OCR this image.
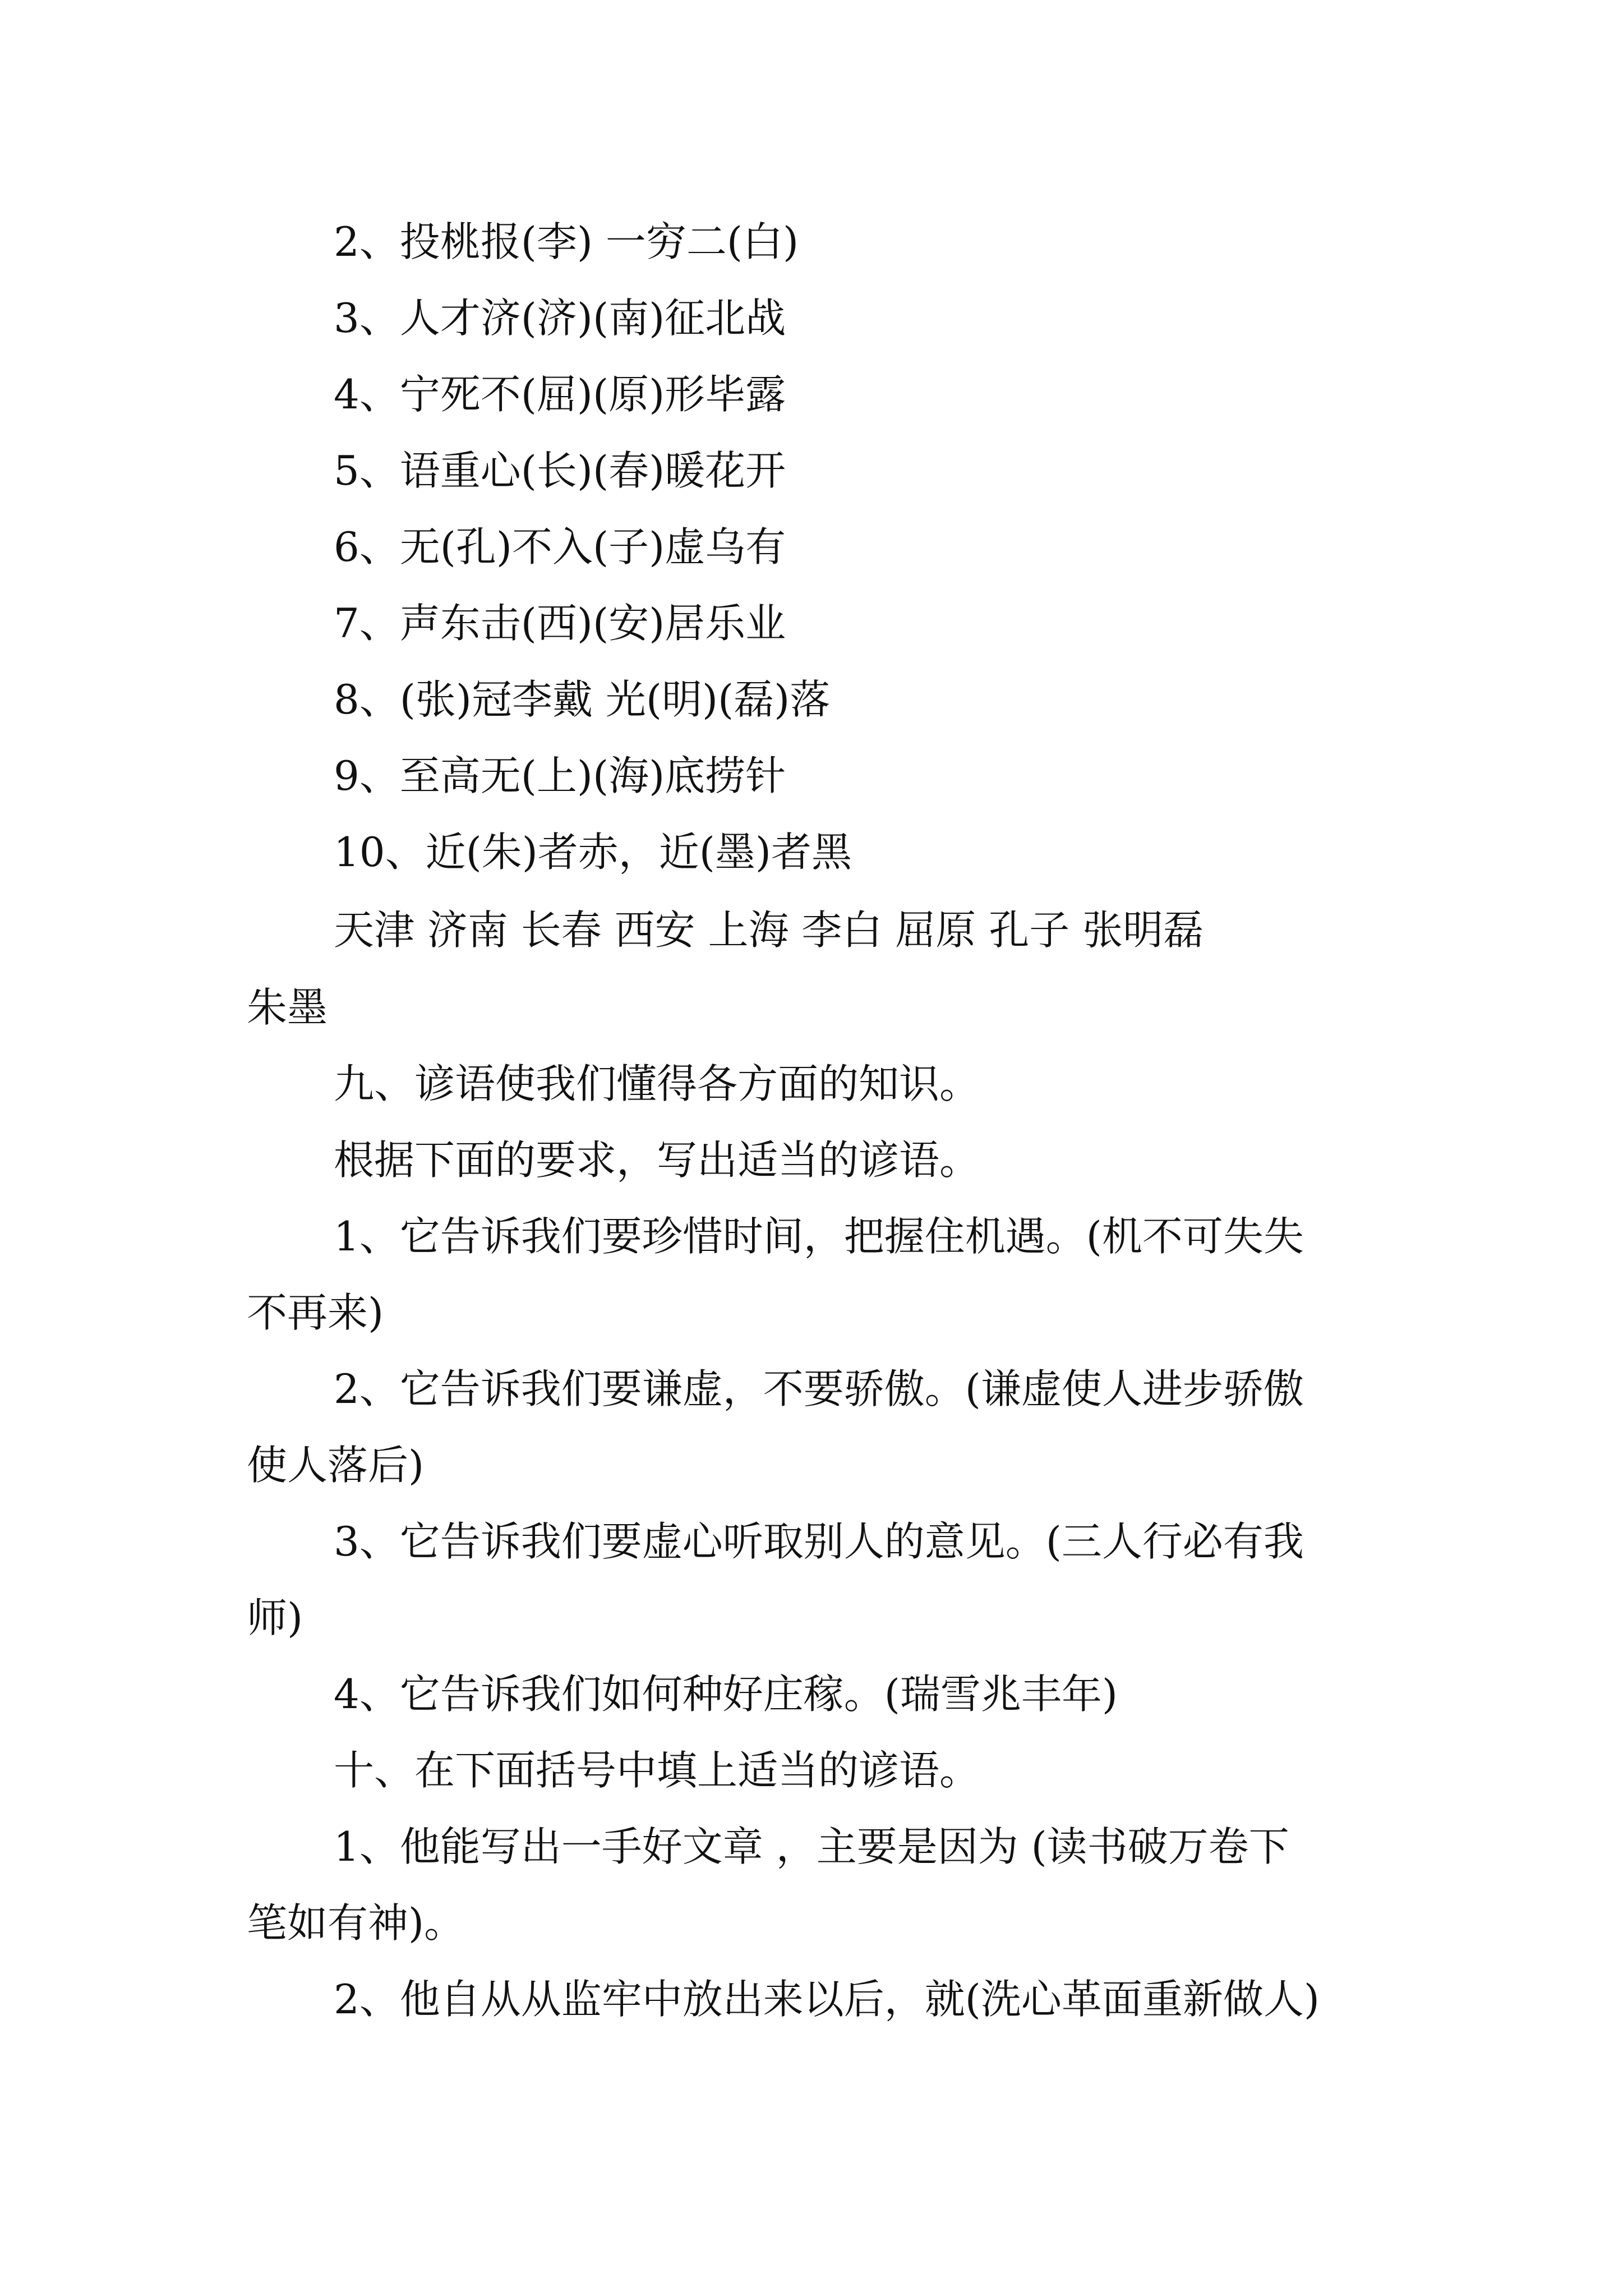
2、投桃报(李) 一穷二(白)
3、人才济(济)(南)征北战
4、宁死不(屈)(原)形毕露
5、语重心(长)(春)暖花开
6、无(孔)不入(子)虚乌有
7、声东击(西)(安)居乐业
8、(张)冠李戴 光(明)(磊)落
9、至高无(上)(海)底捞针
10、近(朱)者赤，近(墨)者黑
天津 济南 长春 西安 上海 李白 屈原 孔子 张明磊
朱墨
九、谚语使我们懂得各方面的知识。
根据下面的要求，写出适当的谚语。
1、它告诉我们要珍惜时间，把握住机遇。(机不可失失
不再来)
2、它告诉我们要谦虚，不要骄傲。(谦虚使人进步骄傲
使人落后)
3、它告诉我们要虚心听取别人的意见。(三人行必有我
师)
4、它告诉我们如何种好庄稼。(瑞雪兆丰年)
十、在下面括号中填上适当的谚语。
1、他能写出一手好文章 ，主要是因为 (读书破万卷下
笔如有神)。
2、他自从从监牢中放出来以后，就(洗心革面重新做人)
